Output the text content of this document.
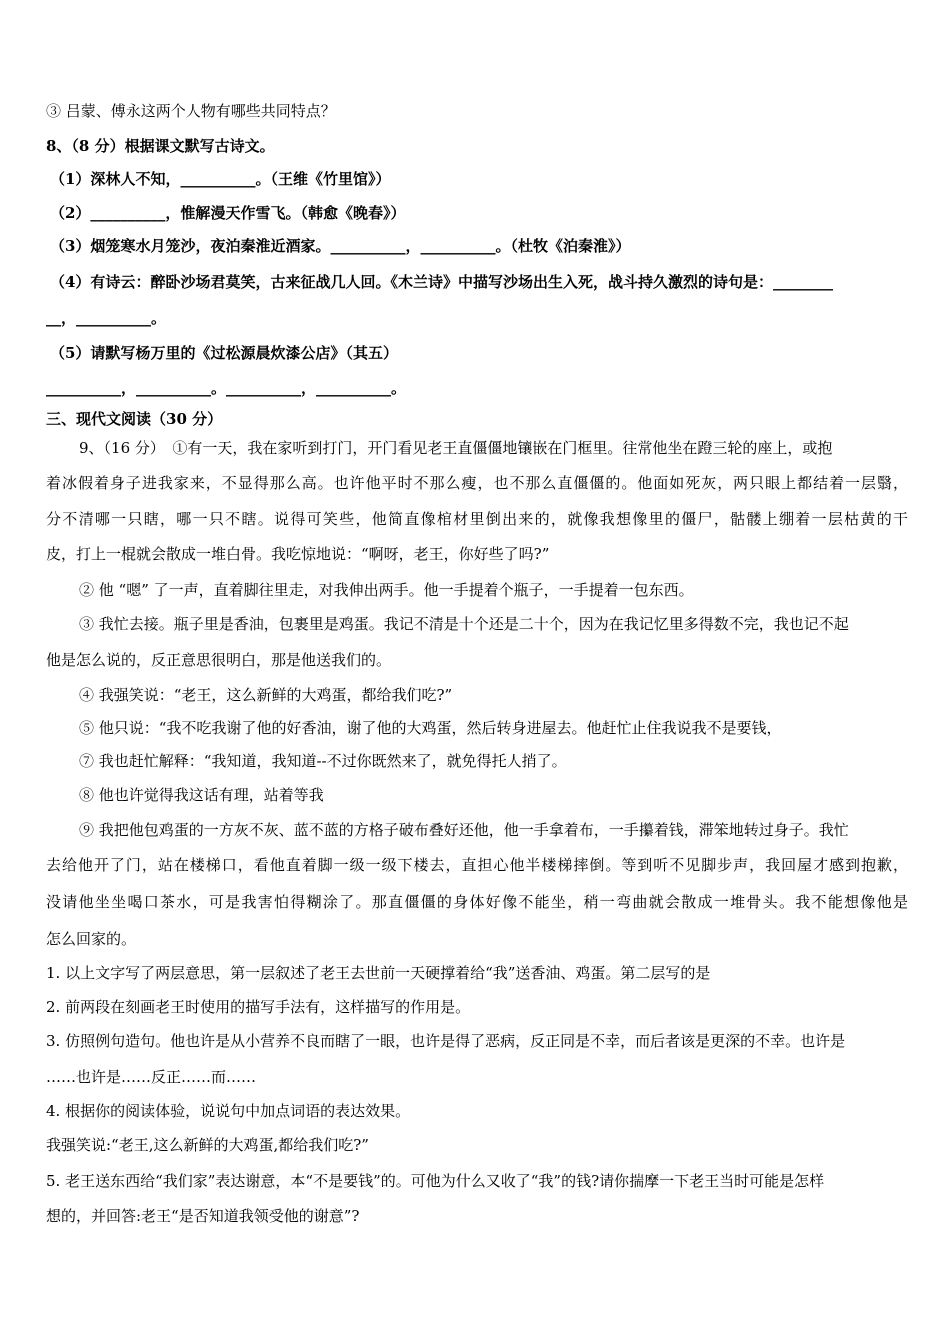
③ 吕蒙、傅永这两个人物有哪些共同特点？
8、（8 分）根据课文默写古诗文。
（1）深林人不知，__________。（王维《竹里馆》）
（2）__________，惟解漫天作雪飞。（韩愈《晚春》）
（3）烟笼寒水月笼沙，夜泊秦淮近酒家。__________，__________。（杜牧《泊秦淮》）
（4）有诗云：醉卧沙场君莫笑，古来征战几人回。《木兰诗》中描写沙场出生入死，战斗持久激烈的诗句是：________
__，__________。
（5）请默写杨万里的《过松源晨炊漆公店》（其五）
__________，__________。__________，__________。
三、现代文阅读（30 分）
9、（16 分）　①有一天，我在家听到打门，开门看见老王直僵僵地镶嵌在门框里。往常他坐在蹬三轮的座上，或抱
着冰假着身子进我家来，不显得那么高。也许他平时不那么瘦，也不那么直僵僵的。他面如死灰，两只眼上都结着一层翳，
分不清哪一只瞎，哪一只不瞎。说得可笑些，他简直像棺材里倒出来的，就像我想像里的僵尸，骷髅上绷着一层枯黄的干
皮，打上一棍就会散成一堆白骨。我吃惊地说：“啊呀，老王，你好些了吗?”
② 他 “嗯” 了一声，直着脚往里走，对我伸出两手。他一手提着个瓶子，一手提着一包东西。
③ 我忙去接。瓶子里是香油，包裹里是鸡蛋。我记不清是十个还是二十个，因为在我记忆里多得数不完，我也记不起
他是怎么说的，反正意思很明白，那是他送我们的。
④ 我强笑说：“老王，这么新鲜的大鸡蛋，都给我们吃?”
⑤ 他只说：“我不吃我谢了他的好香油，谢了他的大鸡蛋，然后转身进屋去。他赶忙止住我说我不是要钱，
⑦ 我也赶忙解释：“我知道，我知道--不过你既然来了，就免得托人捎了。
⑧ 他也许觉得我这话有理，站着等我
⑨ 我把他包鸡蛋的一方灰不灰、蓝不蓝的方格子破布叠好还他，他一手拿着布，一手攥着钱，滞笨地转过身子。我忙
去给他开了门，站在楼梯口，看他直着脚一级一级下楼去，直担心他半楼梯摔倒。等到听不见脚步声，我回屋才感到抱歉，
没请他坐坐喝口茶水，可是我害怕得糊涂了。那直僵僵的身体好像不能坐，稍一弯曲就会散成一堆骨头。我不能想像他是
怎么回家的。
1. 以上文字写了两层意思，第一层叙述了老王去世前一天硬撑着给“我”送香油、鸡蛋。第二层写的是
2. 前两段在刻画老王时使用的描写手法有，这样描写的作用是。
3. 仿照例句造句。他也许是从小营养不良而瞎了一眼，也许是得了恶病，反正同是不幸，而后者该是更深的不幸。也许是
……也许是……反正……而……
4. 根据你的阅读体验，说说句中加点词语的表达效果。
我强笑说:“老王,这么新鲜的大鸡蛋,都给我们吃?”
5. 老王送东西给“我们家”表达谢意，本“不是要钱”的。可他为什么又收了“我”的钱?请你揣摩一下老王当时可能是怎样
想的，并回答:老王“是否知道我领受他的谢意”?
